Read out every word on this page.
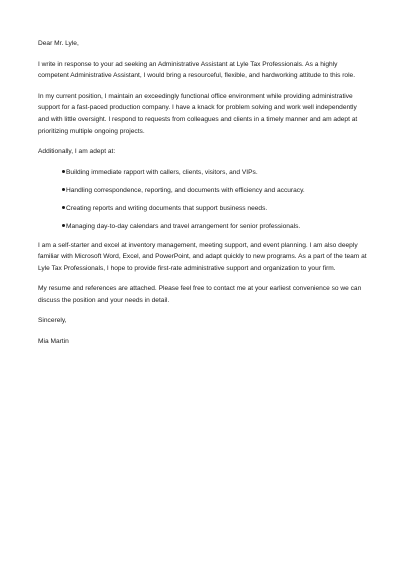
Dear Mr. Lyle,

I write in response to your ad seeking an Administrative Assistant at Lyle Tax Professionals. As a highly competent Administrative Assistant, I would bring a resourceful, flexible, and hardworking attitude to this role.

In my current position, I maintain an exceedingly functional office environment while providing administrative support for a fast-paced production company. I have a knack for problem solving and work well independently and with little oversight. I respond to requests from colleagues and clients in a timely manner and am adept at prioritizing multiple ongoing projects.

Additionally, I am adept at:

Building immediate rapport with callers, clients, visitors, and VIPs.
Handling correspondence, reporting, and documents with efficiency and accuracy.
Creating reports and writing documents that support business needs.
Managing day-to-day calendars and travel arrangement for senior professionals.

I am a self-starter and excel at inventory management, meeting support, and event planning. I am also deeply familiar with Microsoft Word, Excel, and PowerPoint, and adapt quickly to new programs. As a part of the team at Lyle Tax Professionals, I hope to provide first-rate administrative support and organization to your firm.

My resume and references are attached. Please feel free to contact me at your earliest convenience so we can discuss the position and your needs in detail.

Sincerely,

Mia Martin
